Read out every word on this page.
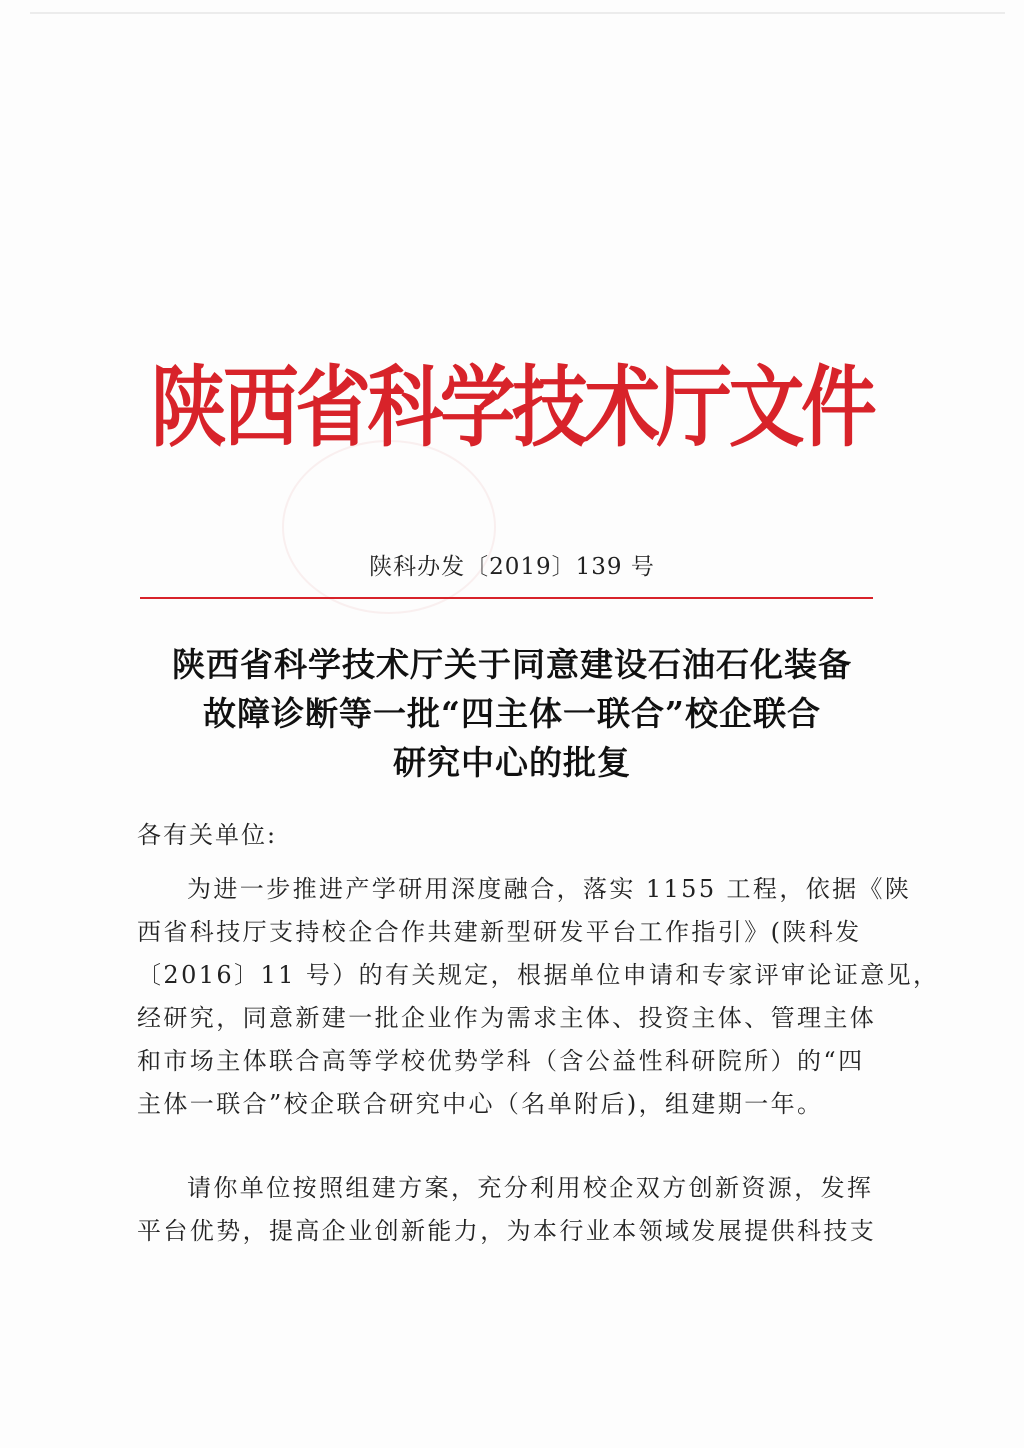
陕西省科学技术厅文件
陕科办发〔2019〕139 号
陕西省科学技术厅关于同意建设石油石化装备
故障诊断等一批“四主体一联合”校企联合
研究中心的批复
各有关单位:
为进一步推进产学研用深度融合，落实 1155 工程，依据《陕
西省科技厅支持校企合作共建新型研发平台工作指引》(陕科发
〔2016〕11 号）的有关规定，根据单位申请和专家评审论证意见，
经研究，同意新建一批企业作为需求主体、投资主体、管理主体
和市场主体联合高等学校优势学科（含公益性科研院所）的“四
主体一联合”校企联合研究中心（名单附后)，组建期一年。
请你单位按照组建方案，充分利用校企双方创新资源，发挥
平台优势，提高企业创新能力，为本行业本领域发展提供科技支
